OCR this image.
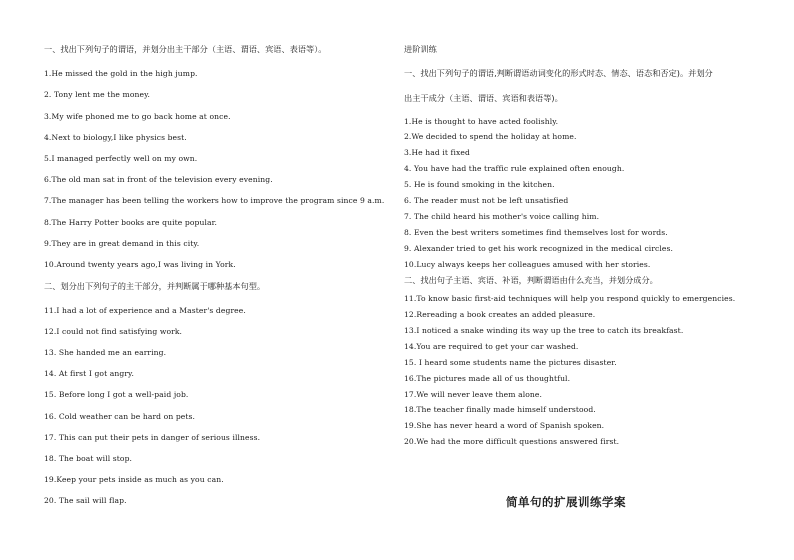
一、找出下列句子的谓语，并划分出主干部分（主语、谓语、宾语、表语等）。
1.He missed the gold in the high jump.
2. Tony lent me the money.
3.My wife phoned me to go back home at once.
4.Next to biology,I like physics best.
5.I managed perfectly well on my own.
6.The old man sat in front of the television every evening.
7.The manager has been telling the workers how to improve the program since 9 a.m.
8.The Harry Potter books are quite popular.
9.They are in great demand in this city.
10.Around twenty years ago,I was living in York.
二、划分出下列句子的主干部分，并判断属于哪种基本句型。
11.I had a lot of experience and a Master's degree.
12.I could not find satisfying work.
13. She handed me an earring.
14. At first I got angry.
15. Before long I got a well-paid job.
16. Cold weather can be hard on pets.
17. This can put their pets in danger of serious illness.
18. The boat will stop.
19.Keep your pets inside as much as you can.
20. The sail will flap.
进阶训练
一、找出下列句子的谓语,判断谓语动词变化的形式时态、情态、语态和否定)。并划分
出主干成分（主语、谓语、宾语和表语等)。
1.He is thought to have acted foolishly.
2.We decided to spend the holiday at home.
3.He had it fixed
4. You have had the traffic rule explained often enough.
5. He is found smoking in the kitchen.
6. The reader must not be left unsatisfied
7. The child heard his mother's voice calling him.
8. Even the best writers sometimes find themselves lost for words.
9. Alexander tried to get his work recognized in the medical circles.
10.Lucy always keeps her colleagues amused with her stories.
二、找出句子主语、宾语、补语，判断谓语由什么充当，并划分成分。
11.To know basic first-aid techniques will help you respond quickly to emergencies.
12.Rereading a book creates an added pleasure.
13.I noticed a snake winding its way up the tree to catch its breakfast.
14.You are required to get your car washed.
15. I heard some students name the pictures disaster.
16.The pictures made all of us thoughtful.
17.We will never leave them alone.
18.The teacher finally made himself understood.
19.She has never heard a word of Spanish spoken.
20.We had the more difficult questions answered first.
简单句的扩展训练学案
